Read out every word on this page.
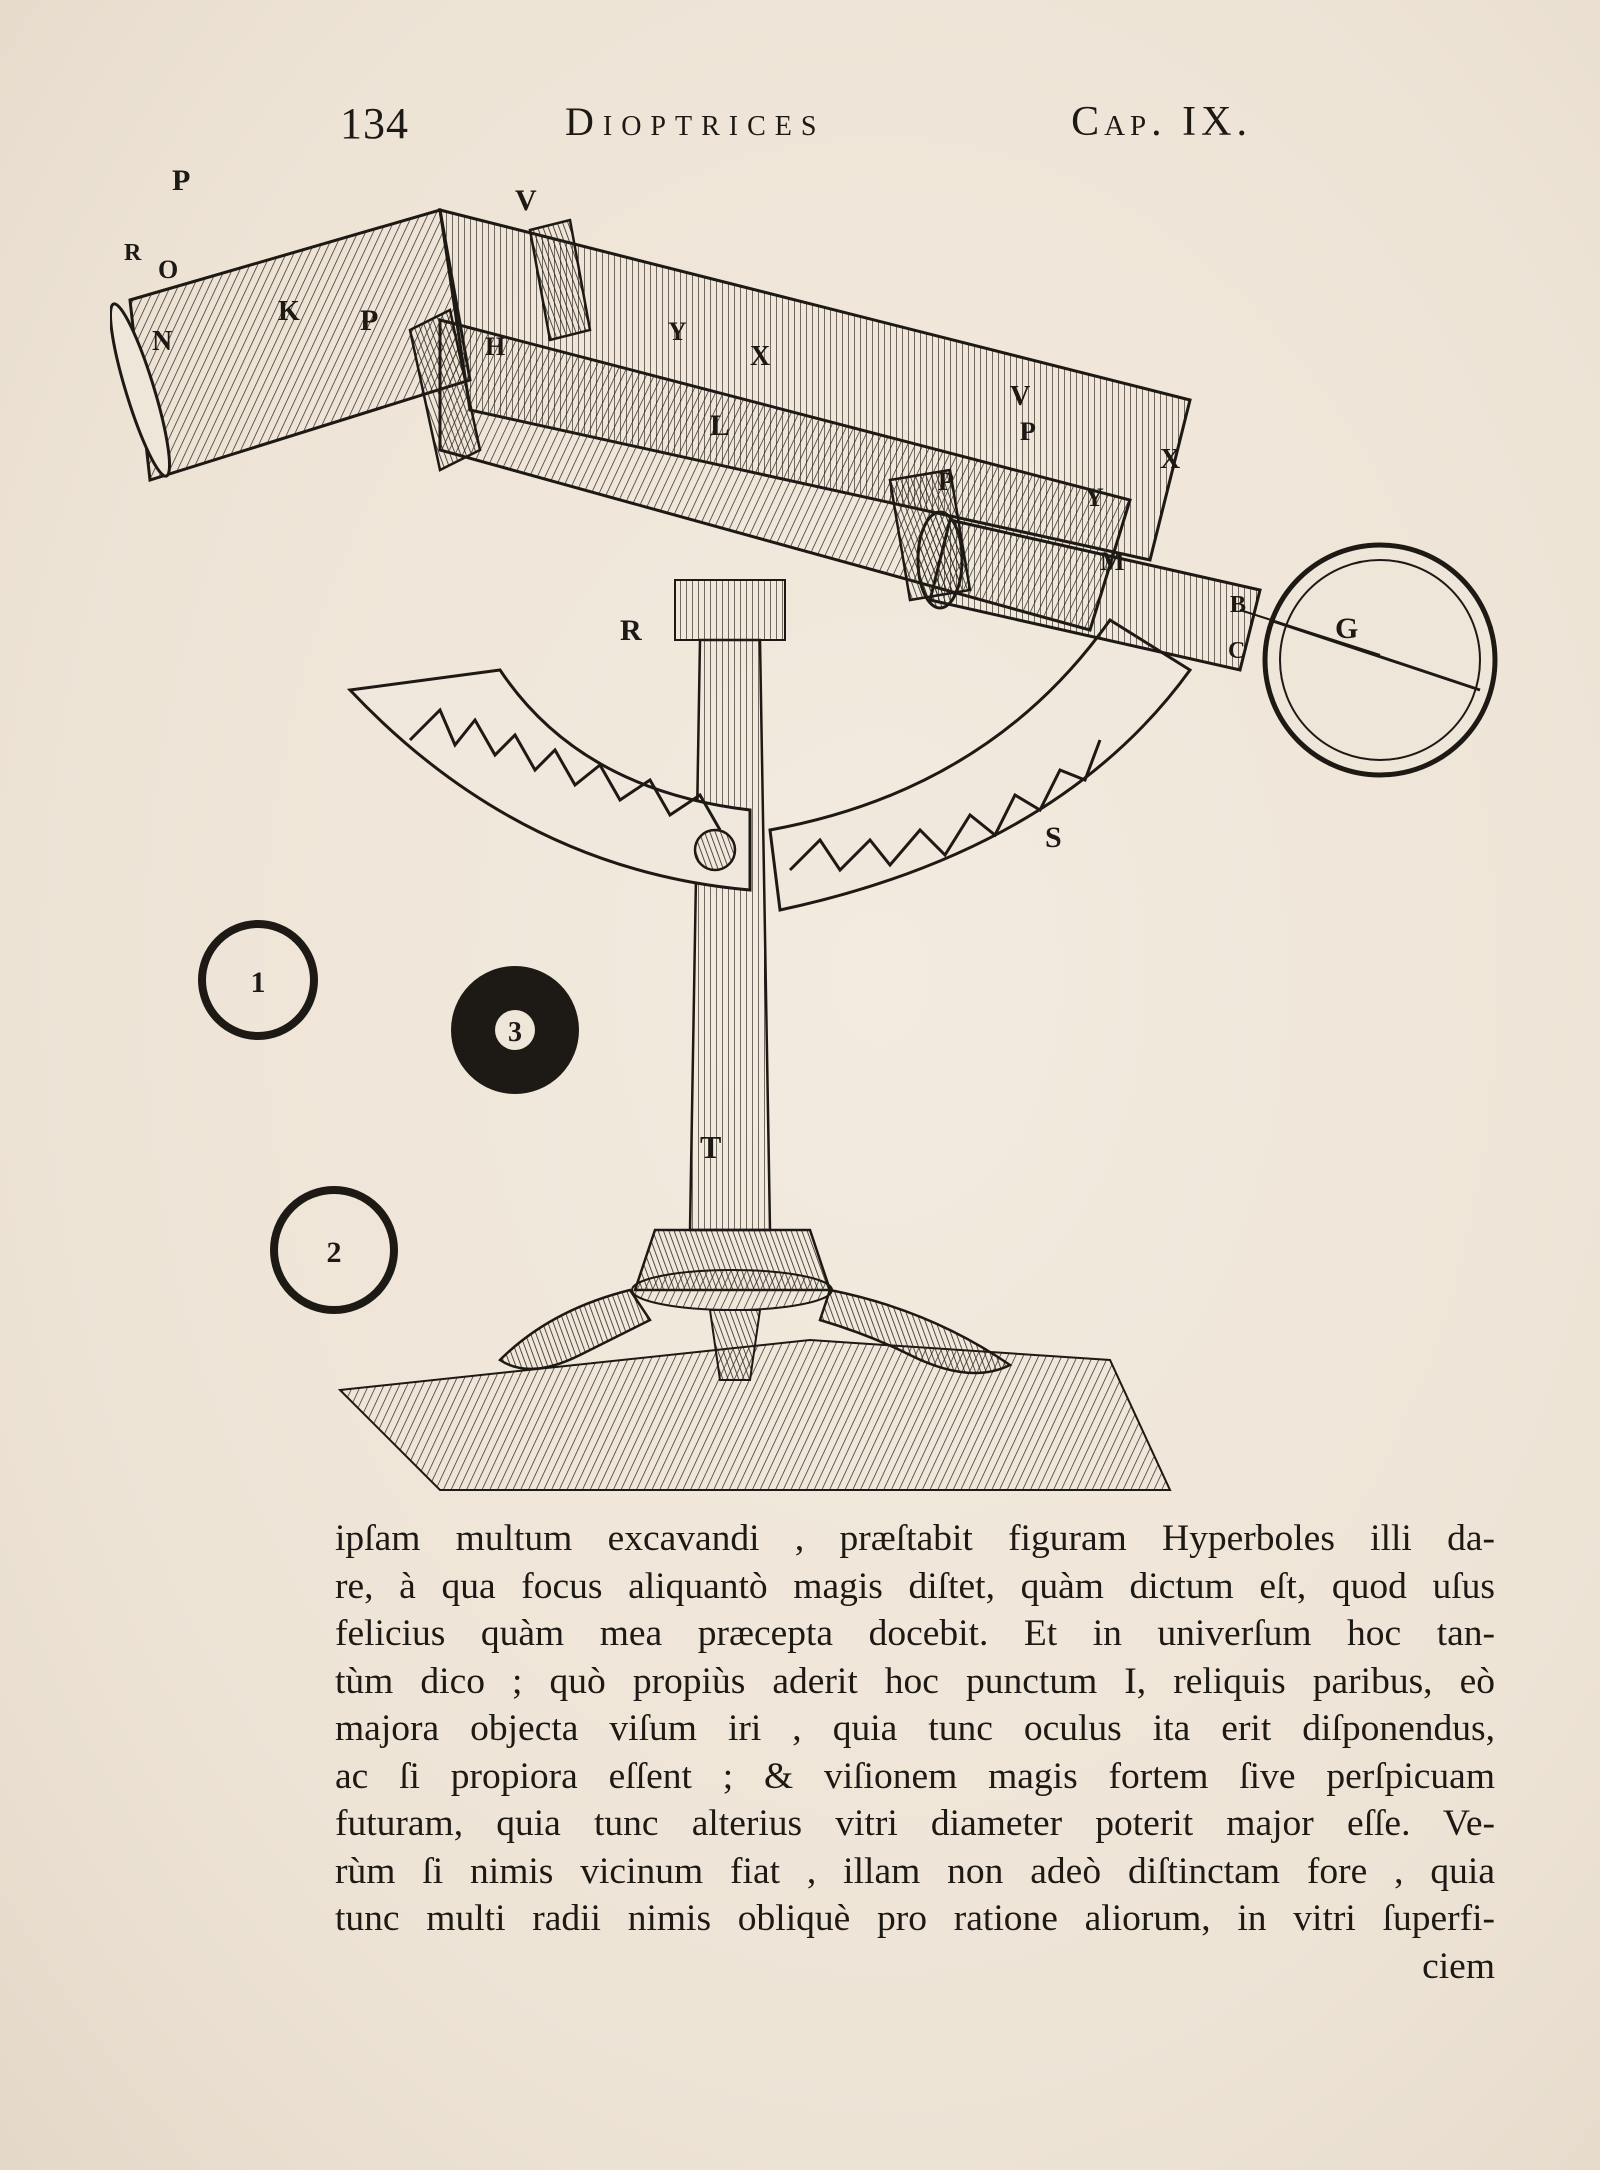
134	Dioptrices	Cap. IX.
P
R
O
K
N
V
P
H
Y
X
L
V
P
P
X
Y
M
B
G
C
R
S
T
1
3
2
ipſam multum excavandi , præſtabit figuram Hyperboles illi da-
re, à qua focus aliquantò magis diſtet, quàm dictum eſt, quod uſus
felicius quàm mea præcepta docebit. Et in univerſum hoc tan-
tùm dico ; quò propiùs aderit hoc punctum I, reliquis paribus, eò
majora objecta viſum iri , quia tunc oculus ita erit diſponendus,
ac ſi propiora eſſent ; & viſionem magis fortem ſive perſpicuam
futuram, quia tunc alterius vitri diameter poterit major eſſe. Ve-
rùm ſi nimis vicinum fiat , illam non adeò diſtinctam fore , quia
tunc multi radii nimis obliquè pro ratione aliorum, in vitri ſuperfi-
ciem
